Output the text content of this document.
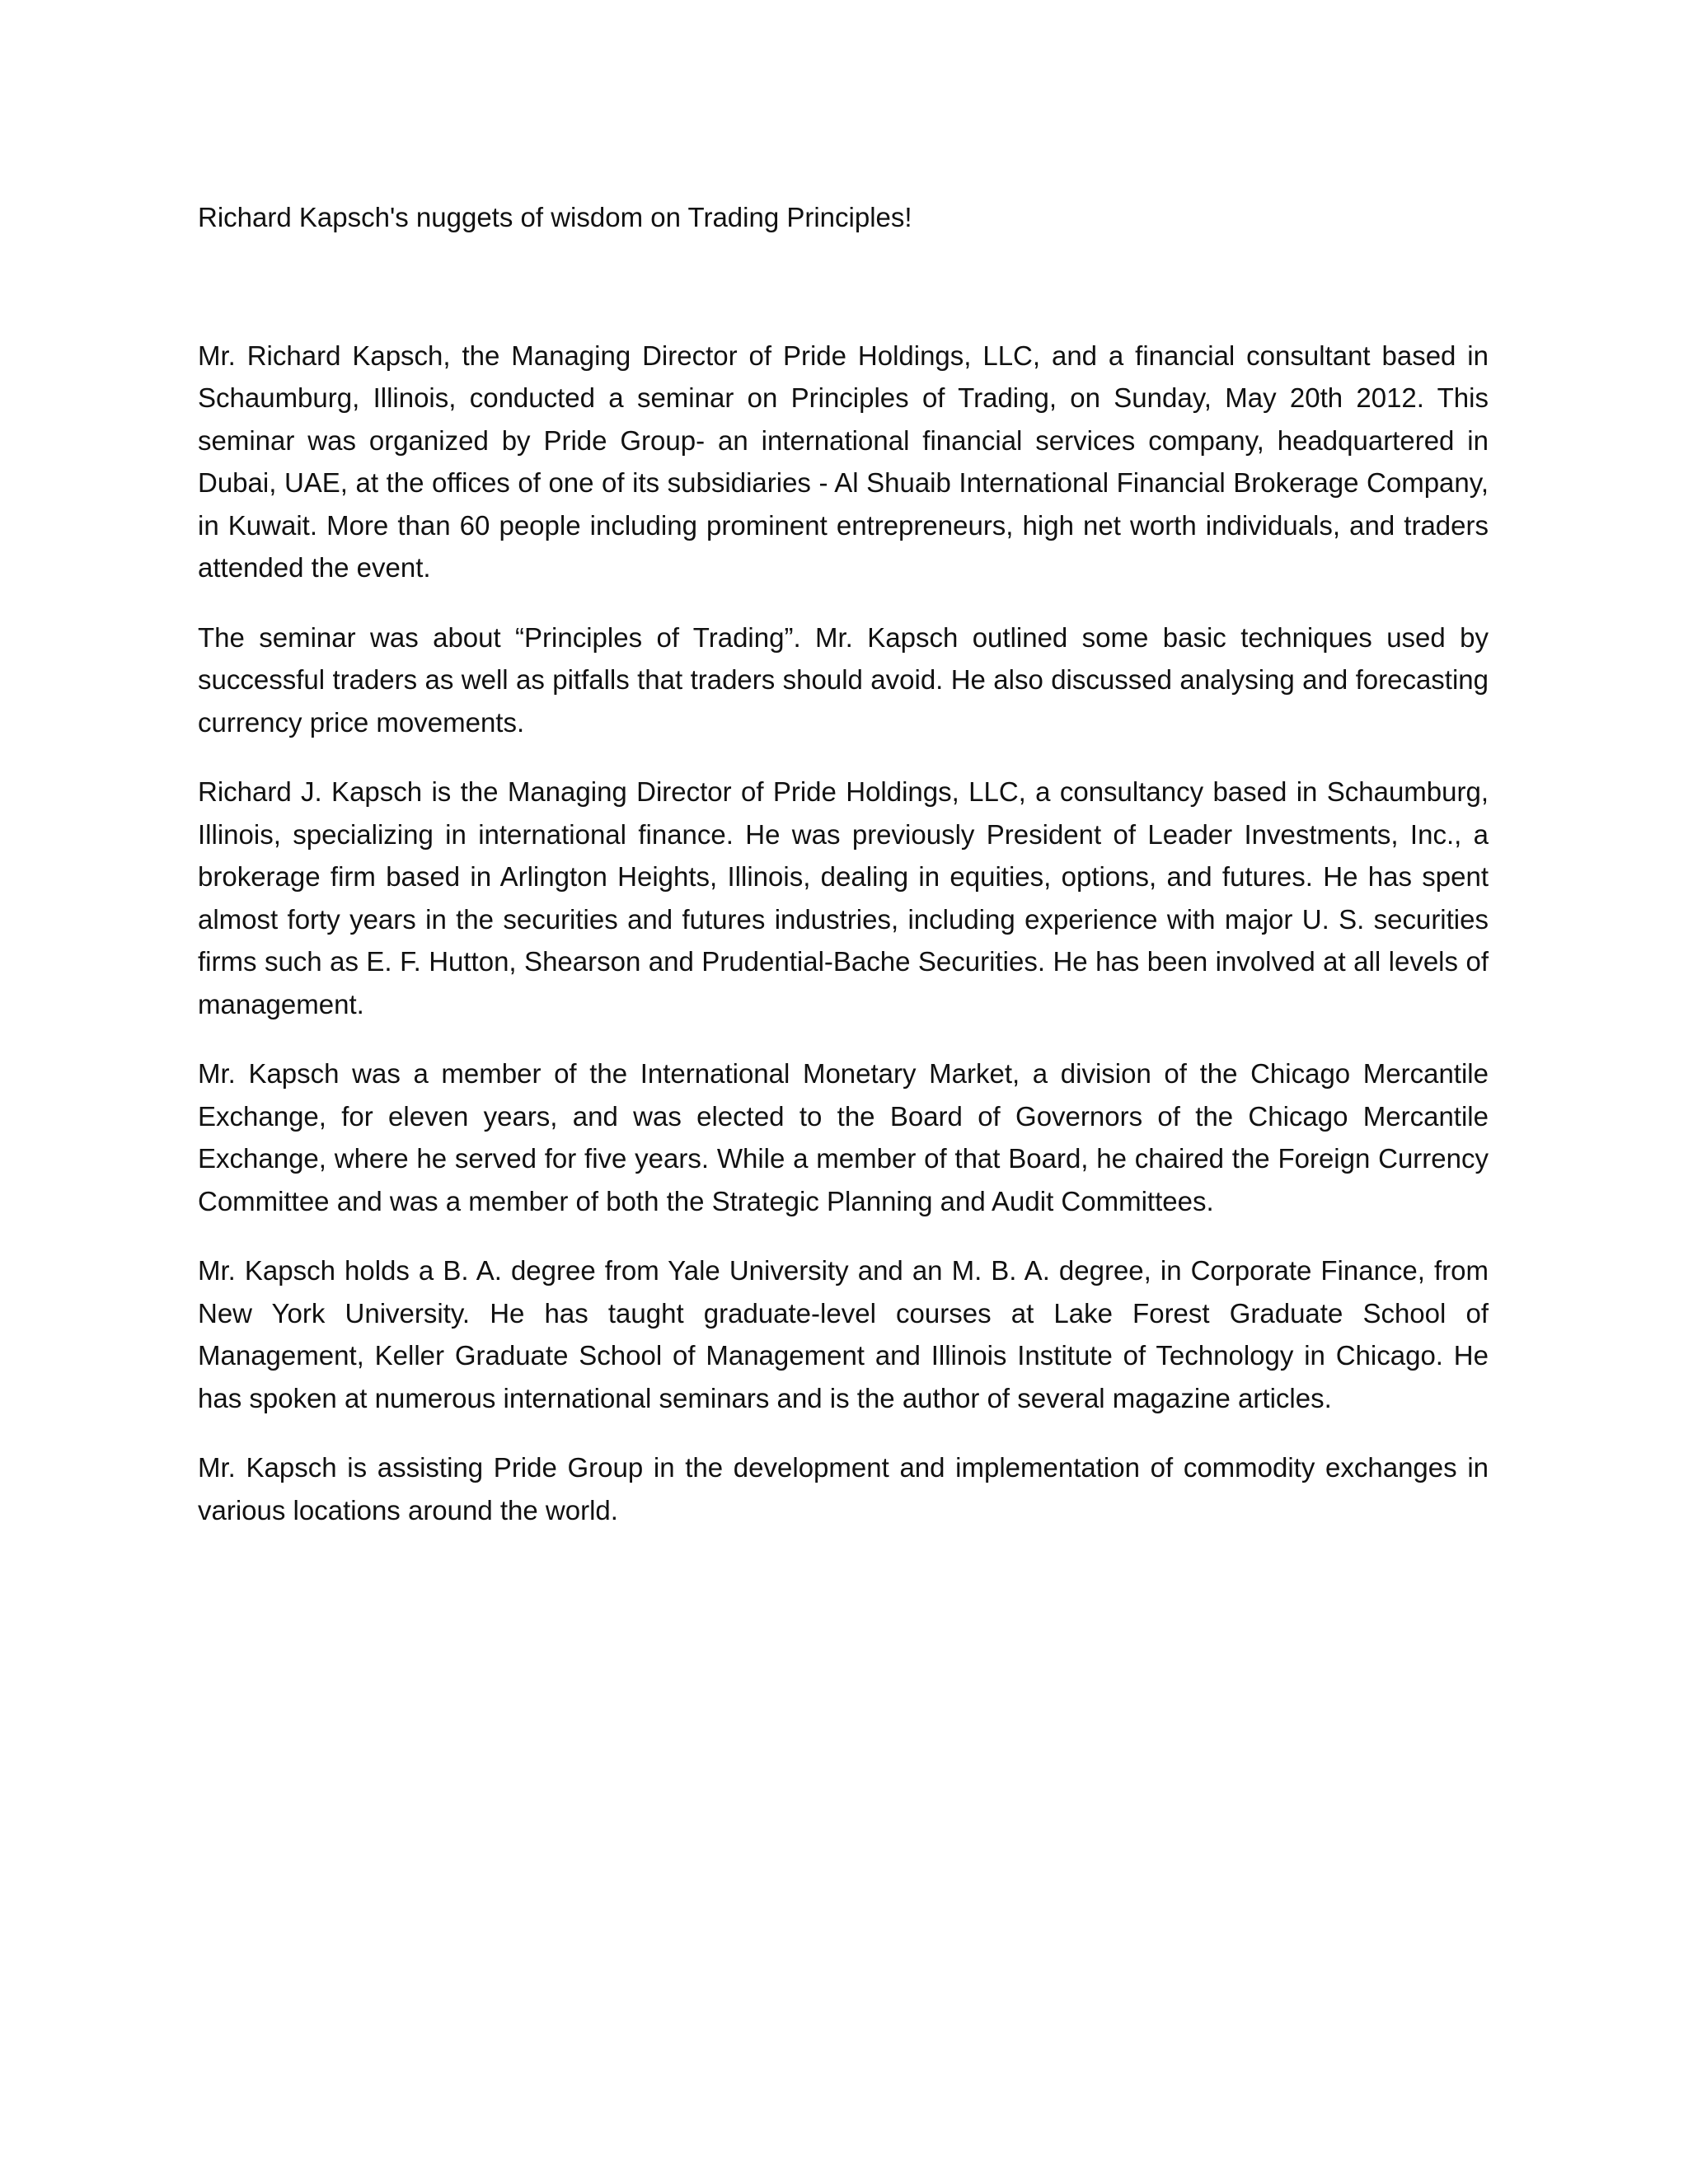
Richard Kapsch's nuggets of wisdom on Trading Principles!

Mr. Richard Kapsch, the Managing Director of Pride Holdings, LLC, and a financial consultant based in Schaumburg, Illinois, conducted a seminar on Principles of Trading, on Sunday, May 20th 2012. This seminar was organized by Pride Group- an international financial services company, headquartered in Dubai, UAE, at the offices of one of its subsidiaries - Al Shuaib International Financial Brokerage Company, in Kuwait. More than 60 people including prominent entrepreneurs, high net worth individuals, and traders attended the event.

The seminar was about “Principles of Trading”. Mr. Kapsch outlined some basic techniques used by successful traders as well as pitfalls that traders should avoid. He also discussed analysing and forecasting currency price movements.

Richard J. Kapsch is the Managing Director of Pride Holdings, LLC, a consultancy based in Schaumburg, Illinois, specializing in international finance. He was previously President of Leader Investments, Inc., a brokerage firm based in Arlington Heights, Illinois, dealing in equities, options, and futures. He has spent almost forty years in the securities and futures industries, including experience with major U. S. securities firms such as E. F. Hutton, Shearson and Prudential-Bache Securities. He has been involved at all levels of management.

Mr. Kapsch was a member of the International Monetary Market, a division of the Chicago Mercantile Exchange, for eleven years, and was elected to the Board of Governors of the Chicago Mercantile Exchange, where he served for five years. While a member of that Board, he chaired the Foreign Currency Committee and was a member of both the Strategic Planning and Audit Committees.

Mr. Kapsch holds a B. A. degree from Yale University and an M. B. A. degree, in Corporate Finance, from New York University. He has taught graduate-level courses at Lake Forest Graduate School of Management, Keller Graduate School of Management and Illinois Institute of Technology in Chicago. He has spoken at numerous international seminars and is the author of several magazine articles.

Mr. Kapsch is assisting Pride Group in the development and implementation of commodity exchanges in various locations around the world.
